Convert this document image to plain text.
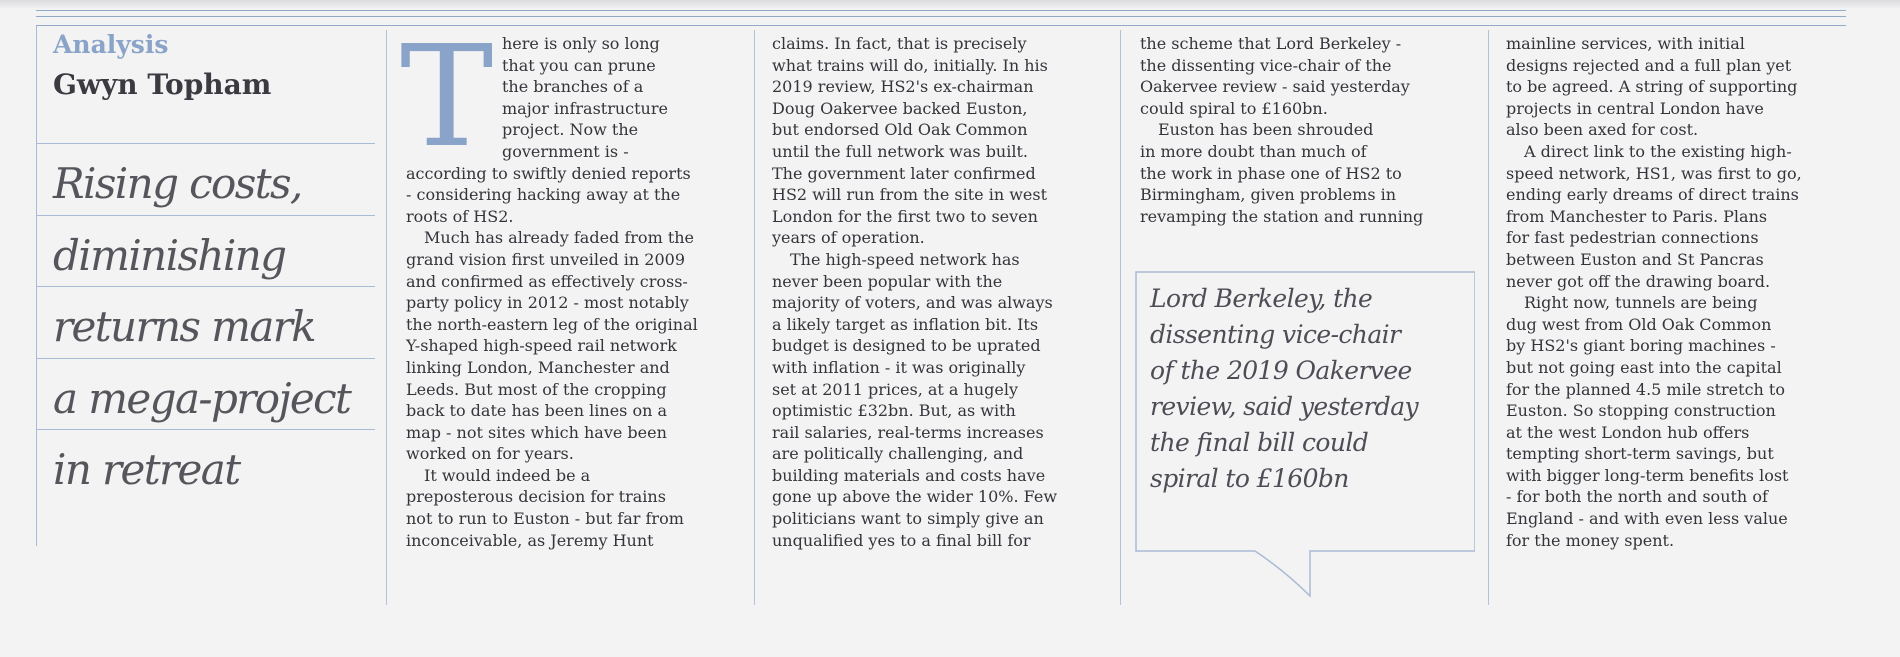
Analysis
Gwyn Topham
Rising costs,
diminishing
returns mark
a mega-project
in retreat
T here is only so long
that you can prune
the branches of a
major infrastructure
project. Now the
government is -
according to swiftly denied reports
- considering hacking away at the
roots of HS2.

Much has already faded from the
grand vision first unveiled in 2009
and confirmed as effectively cross-
party policy in 2012 - most notably
the north-eastern leg of the original
Y-shaped high-speed rail network
linking London, Manchester and
Leeds. But most of the cropping
back to date has been lines on a
map - not sites which have been
worked on for years.

It would indeed be a
preposterous decision for trains
not to run to Euston - but far from
inconceivable, as Jeremy Hunt

claims. In fact, that is precisely
what trains will do, initially. In his
2019 review, HS2's ex-chairman
Doug Oakervee backed Euston,
but endorsed Old Oak Common
until the full network was built.
The government later confirmed
HS2 will run from the site in west
London for the first two to seven
years of operation.

The high-speed network has
never been popular with the
majority of voters, and was always
a likely target as inflation bit. Its
budget is designed to be uprated
with inflation - it was originally
set at 2011 prices, at a hugely
optimistic £32bn. But, as with
rail salaries, real-terms increases
are politically challenging, and
building materials and costs have
gone up above the wider 10%. Few
politicians want to simply give an
unqualified yes to a final bill for

the scheme that Lord Berkeley -
the dissenting vice-chair of the
Oakervee review - said yesterday
could spiral to £160bn.

Euston has been shrouded
in more doubt than much of
the work in phase one of HS2 to
Birmingham, given problems in
revamping the station and running

mainline services, with initial
designs rejected and a full plan yet
to be agreed. A string of supporting
projects in central London have
also been axed for cost.

A direct link to the existing high-
speed network, HS1, was first to go,
ending early dreams of direct trains
from Manchester to Paris. Plans
for fast pedestrian connections
between Euston and St Pancras
never got off the drawing board.

Right now, tunnels are being
dug west from Old Oak Common
by HS2's giant boring machines -
but not going east into the capital
for the planned 4.5 mile stretch to
Euston. So stopping construction
at the west London hub offers
tempting short-term savings, but
with bigger long-term benefits lost
- for both the north and south of
England - and with even less value
for the money spent.

Lord Berkeley, the
dissenting vice-chair
of the 2019 Oakervee
review, said yesterday
the final bill could
spiral to £160bn
